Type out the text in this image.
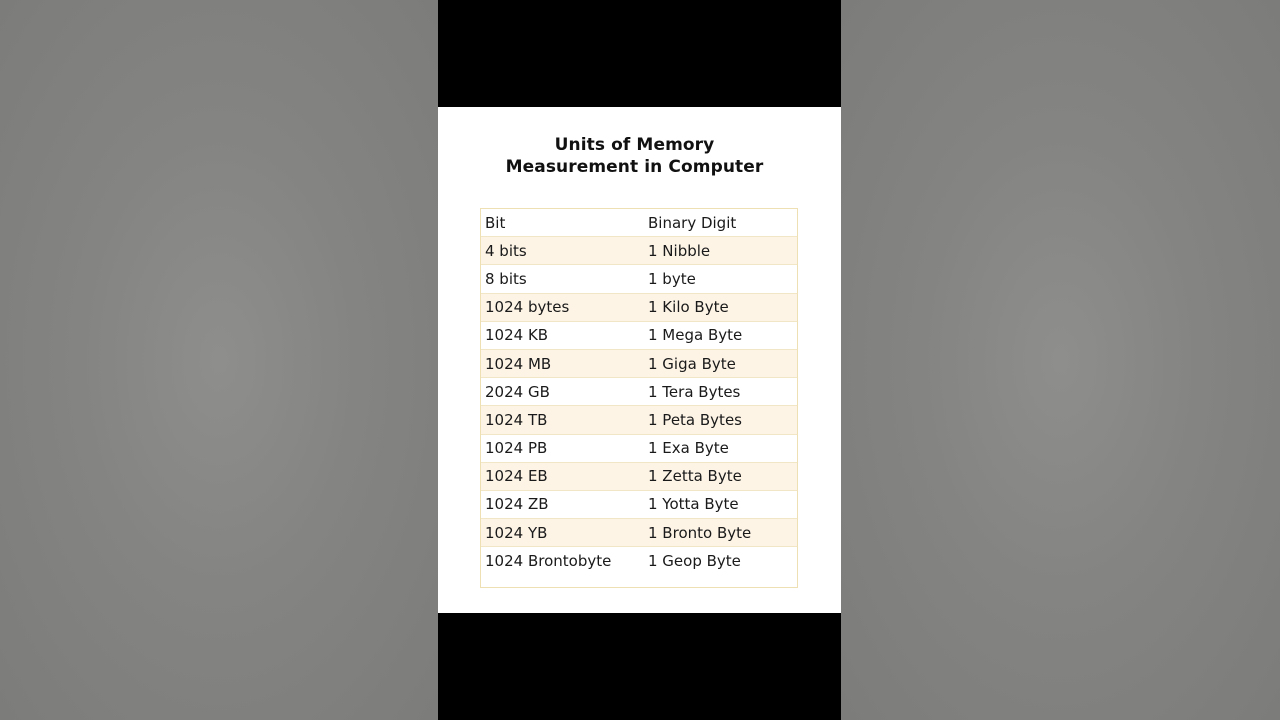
Units of Memory
Measurement in Computer
Bit	Binary Digit
4 bits	1 Nibble
8 bits	1 byte
1024 bytes	1 Kilo Byte
1024 KB	1 Mega Byte
1024 MB	1 Giga Byte
2024 GB	1 Tera Bytes
1024 TB	1 Peta Bytes
1024 PB	1 Exa Byte
1024 EB	1 Zetta Byte
1024 ZB	1 Yotta Byte
1024 YB	1 Bronto Byte
1024 Brontobyte	1 Geop Byte
